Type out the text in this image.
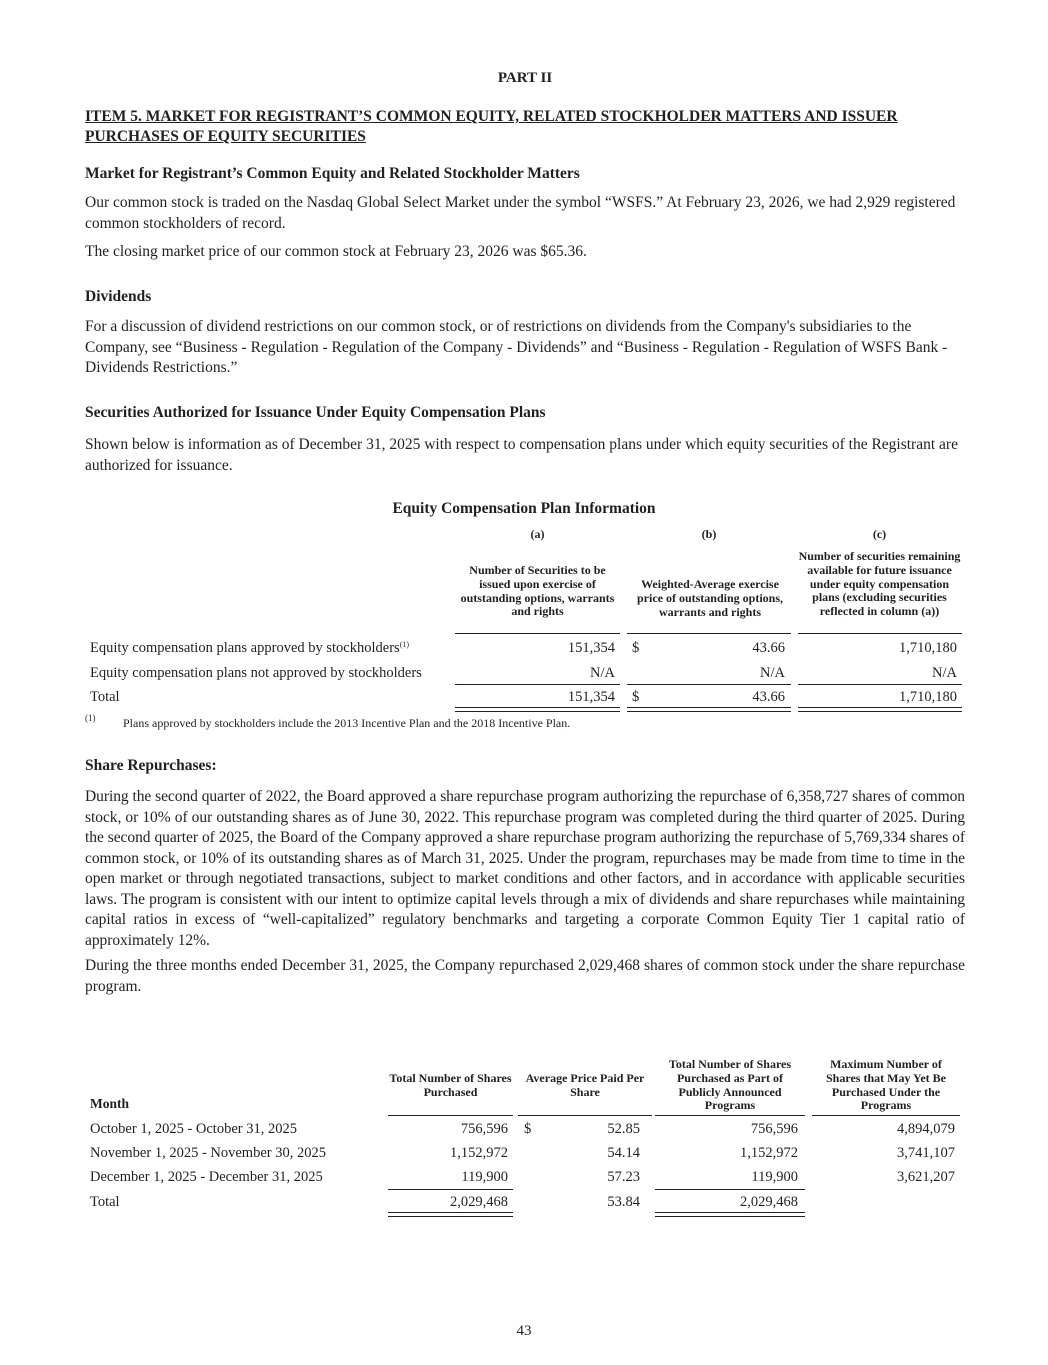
PART II
ITEM 5. MARKET FOR REGISTRANT’S COMMON EQUITY, RELATED STOCKHOLDER MATTERS AND ISSUER PURCHASES OF EQUITY SECURITIES
Market for Registrant’s Common Equity and Related Stockholder Matters
Our common stock is traded on the Nasdaq Global Select Market under the symbol “WSFS.” At February 23, 2026, we had 2,929 registered common stockholders of record.
The closing market price of our common stock at February 23, 2026 was $65.36.
Dividends
For a discussion of dividend restrictions on our common stock, or of restrictions on dividends from the Company's subsidiaries to the Company, see “Business - Regulation - Regulation of the Company - Dividends” and “Business - Regulation - Regulation of WSFS Bank - Dividends Restrictions.”
Securities Authorized for Issuance Under Equity Compensation Plans
Shown below is information as of December 31, 2025 with respect to compensation plans under which equity securities of the Registrant are authorized for issuance.
Equity Compensation Plan Information
(a)	(b)	(c)
Number of Securities to be issued upon exercise of outstanding options, warrants and rights
Weighted-Average exercise price of outstanding options, warrants and rights
Number of securities remaining available for future issuance under equity compensation plans (excluding securities reflected in column (a))
Equity compensation plans approved by stockholders$^{(1)}$	151,354 $	43.66	1,710,180
Equity compensation plans not approved by stockholders	N/A	N/A	N/A
Total	151,354 $	43.66	1,710,180
(1) Plans approved by stockholders include the 2013 Incentive Plan and the 2018 Incentive Plan.
Share Repurchases:
During the second quarter of 2022, the Board approved a share repurchase program authorizing the repurchase of 6,358,727 shares of common stock, or 10% of our outstanding shares as of June 30, 2022. This repurchase program was completed during the third quarter of 2025. During the second quarter of 2025, the Board of the Company approved a share repurchase program authorizing the repurchase of 5,769,334 shares of common stock, or 10% of its outstanding shares as of March 31, 2025. Under the program, repurchases may be made from time to time in the open market or through negotiated transactions, subject to market conditions and other factors, and in accordance with applicable securities laws. The program is consistent with our intent to optimize capital levels through a mix of dividends and share repurchases while maintaining capital ratios in excess of “well-capitalized” regulatory benchmarks and targeting a corporate Common Equity Tier 1 capital ratio of approximately 12%.
During the three months ended December 31, 2025, the Company repurchased 2,029,468 shares of common stock under the share repurchase program.
Month
Total Number of Shares Purchased
Average Price Paid Per Share
Total Number of Shares Purchased as Part of Publicly Announced Programs
Maximum Number of Shares that May Yet Be Purchased Under the Programs
October 1, 2025 - October 31, 2025	756,596 $	52.85	756,596	4,894,079
November 1, 2025 - November 30, 2025	1,152,972	54.14	1,152,972	3,741,107
December 1, 2025 - December 31, 2025	119,900	57.23	119,900	3,621,207
Total	2,029,468	53.84	2,029,468
43
